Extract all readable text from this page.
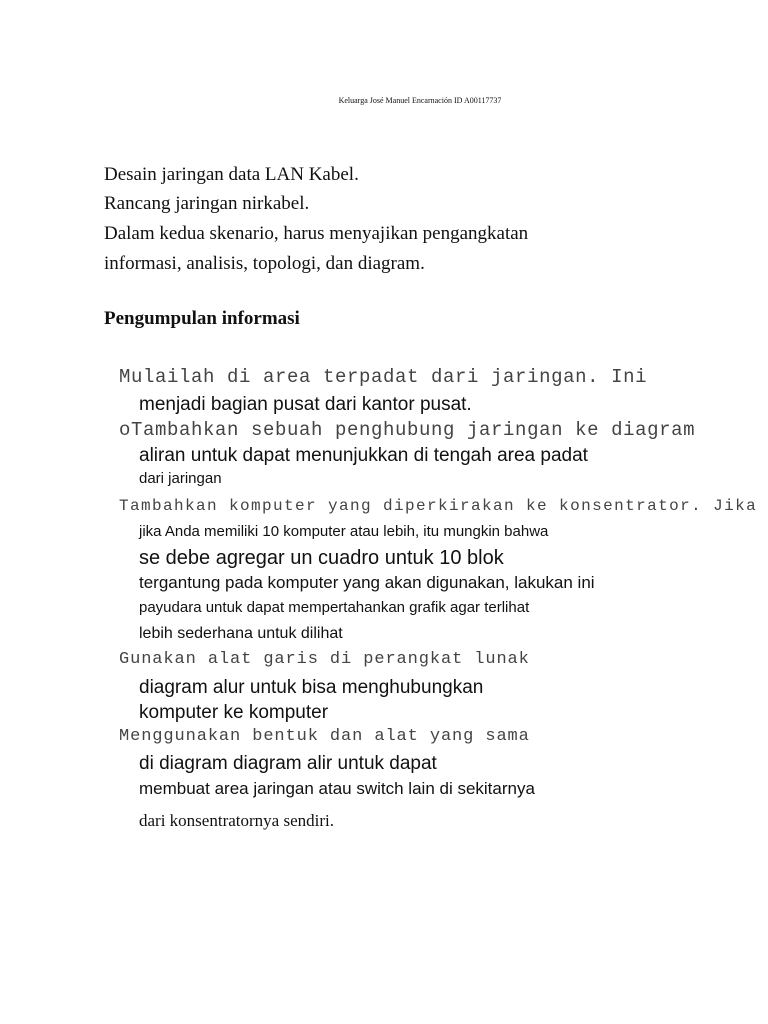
Keluarga José Manuel Encarnación ID A00117737
Desain jaringan data LAN Kabel.
Rancang jaringan nirkabel.
Dalam kedua skenario, harus menyajikan pengangkatan
informasi, analisis, topologi, dan diagram.
Pengumpulan informasi
Mulailah di area terpadat dari jaringan. Ini
menjadi bagian pusat dari kantor pusat.
oTambahkan sebuah penghubung jaringan ke diagram
aliran untuk dapat menunjukkan di tengah area padat
dari jaringan
Tambahkan komputer yang diperkirakan ke konsentrator. Jika
jika Anda memiliki 10 komputer atau lebih, itu mungkin bahwa
se debe agregar un cuadro untuk 10 blok
tergantung pada komputer yang akan digunakan, lakukan ini
payudara untuk dapat mempertahankan grafik agar terlihat
lebih sederhana untuk dilihat
Gunakan alat garis di perangkat lunak
diagram alur untuk bisa menghubungkan
komputer ke komputer
Menggunakan bentuk dan alat yang sama
di diagram diagram alir untuk dapat
membuat area jaringan atau switch lain di sekitarnya
dari konsentratornya sendiri.
